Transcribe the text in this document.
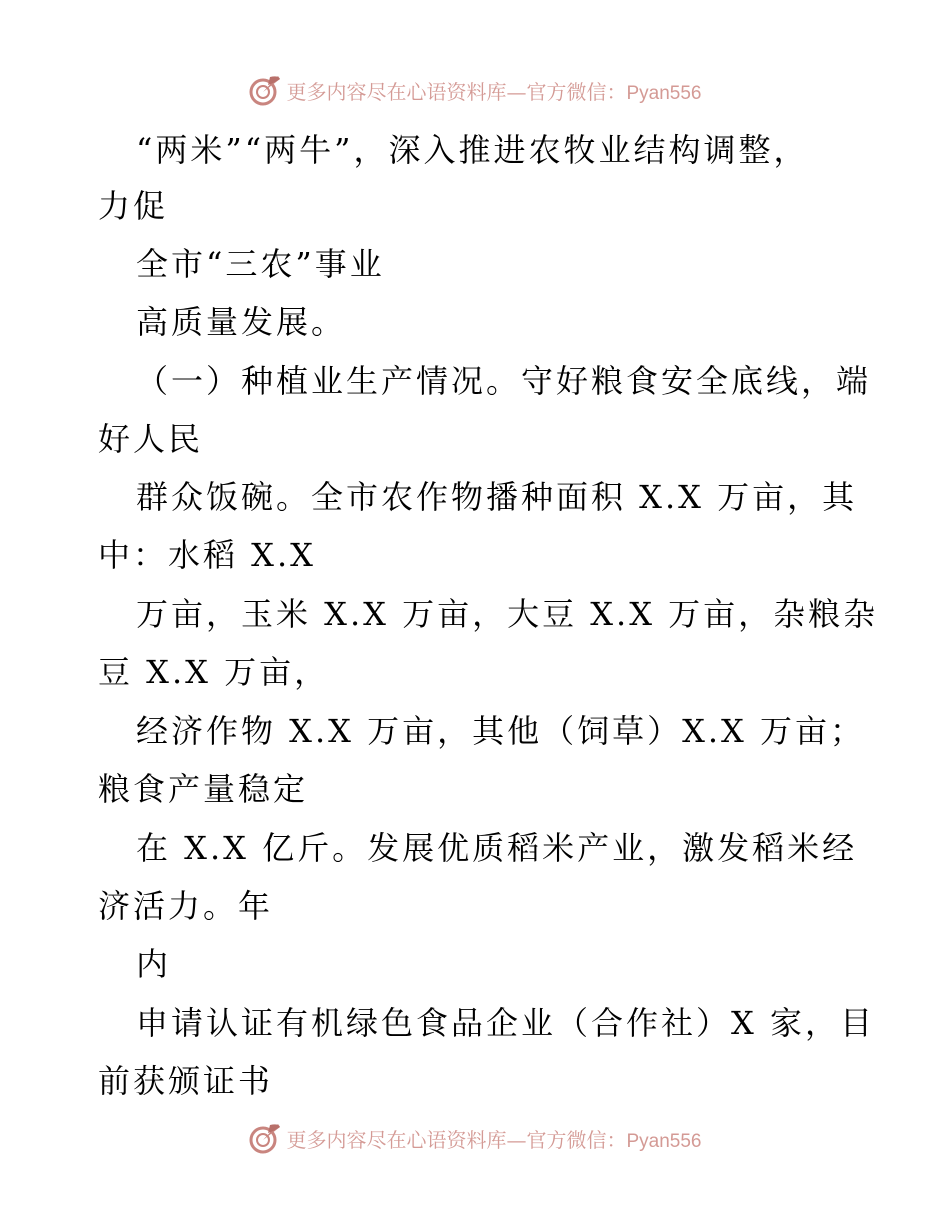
更多内容尽在心语资料库—官方微信：Pyan556
“两米”“两牛”，深入推进农牧业结构调整，
力促
全市“三农”事业
高质量发展。
（一）种植业生产情况。守好粮食安全底线，端
好人民
群众饭碗。全市农作物播种面积 X.X 万亩，其
中：水稻 X.X
万亩，玉米 X.X 万亩，大豆 X.X 万亩，杂粮杂
豆 X.X 万亩，
经济作物 X.X 万亩，其他（饲草）X.X 万亩；
粮食产量稳定
在 X.X 亿斤。发展优质稻米产业，激发稻米经
济活力。年
内
申请认证有机绿色食品企业（合作社）X 家，目
前获颁证书
更多内容尽在心语资料库—官方微信：Pyan556
